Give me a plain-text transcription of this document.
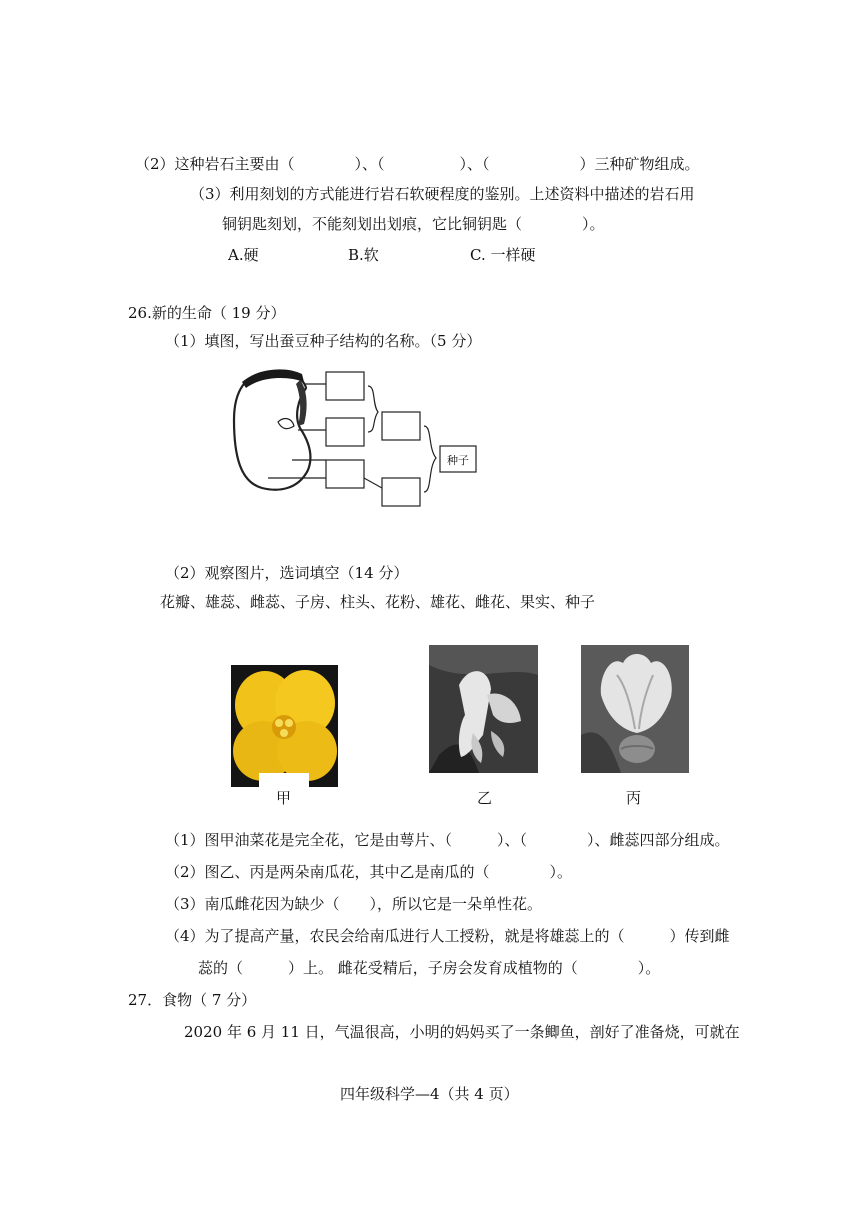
（2）这种岩石主要由（　　　　）、（　　　　　）、（　　　　　　）三种矿物组成。
（3）利用刻划的方式能进行岩石软硬程度的鉴别。上述资料中描述的岩石用
铜钥匙刻划，不能刻划出划痕，它比铜钥匙（　　　　）。
A.硬	B.软	C. 一样硬
26.新的生命（ 19 分）
（1）填图，写出蚕豆种子结构的名称。（5 分）
种子
（2）观察图片，选词填空（14 分）
花瓣、雄蕊、雌蕊、子房、柱头、花粉、雄花、雌花、果实、种子
甲	乙	丙
（1）图甲油菜花是完全花，它是由萼片、（　　　）、（　　　　）、雌蕊四部分组成。
（2）图乙、丙是两朵南瓜花，其中乙是南瓜的（　　　　）。
（3）南瓜雌花因为缺少（　　），所以它是一朵单性花。
（4）为了提高产量，农民会给南瓜进行人工授粉，就是将雄蕊上的（　　　）传到雌
蕊的（　　　）上。 雌花受精后，子房会发育成植物的（　　　　）。
27．食物（ 7 分）
2020 年 6 月 11 日，气温很高，小明的妈妈买了一条鲫鱼，剖好了准备烧，可就在
四年级科学—4（共 4 页）
